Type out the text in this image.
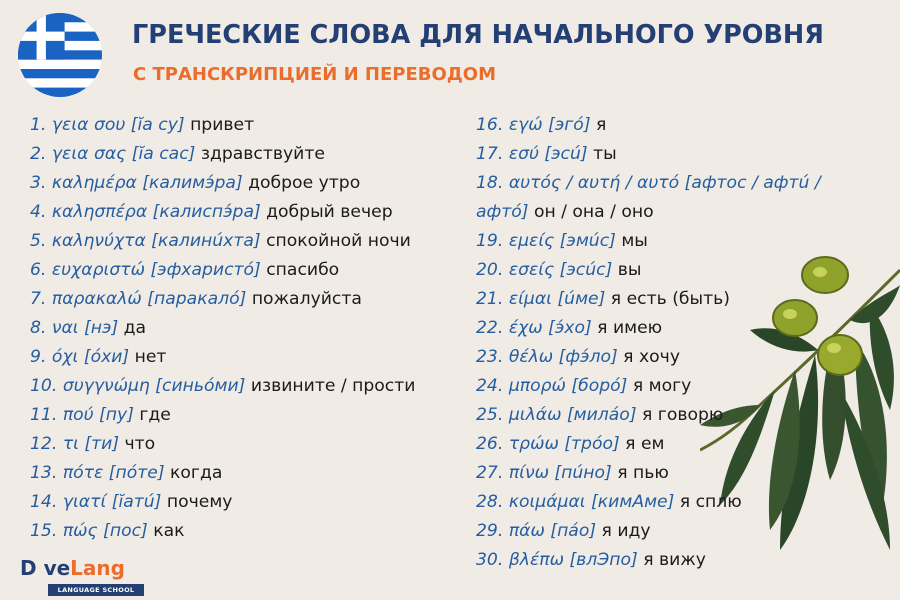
ГРЕЧЕСКИЕ СЛОВА ДЛЯ НАЧАЛЬНОГО УРОВНЯ
С ТРАНСКРИПЦИЕЙ И ПЕРЕВОДОМ
1. γεια σου [ĭа су] привет
2. γεια σας [ĭа сас] здравствуйте
3. καλημέρα [калимэ́ра] доброе утро
4. καλησπέρα [калиспэ́ра] добрый вечер
5. καληνύχτα [калинúхта] спокойной ночи
6. ευχαριστώ [эфхаристó] спасибо
7. παρακαλώ [паракалó] пожалуйста
8. ναι [нэ] да
9. όχι [óхи] нет
10. συγγνώμη [синьóми] извините / прости
11. πού [пу] где
12. τι [ти] что
13. πότε [пóте] когда
14. γιατί [ĭатú] почему
15. πώς [пос] как
16. εγώ [эгó] я
17. εσύ [эсú] ты
18. αυτός / αυτή / αυτό [афтос / афтú / афтó] он / она / оно
19. εμείς [эмúс] мы
20. εσείς [эсúс] вы
21. είμαι [úме] я есть (быть)
22. έχω [э́хо] я имею
23. θέλω [фэ́ло] я хочу
24. μπορώ [борó] я могу
25. μιλάω [милáо] я говорю
26. τρώω [трóо] я ем
27. πίνω [пúно] я пью
28. κοιμάμαι [кимАме] я сплю
29. πάω [пáо] я иду
30. βλέπω [влЭпо] я вижу
D veLang
LANGUAGE SCHOOL
